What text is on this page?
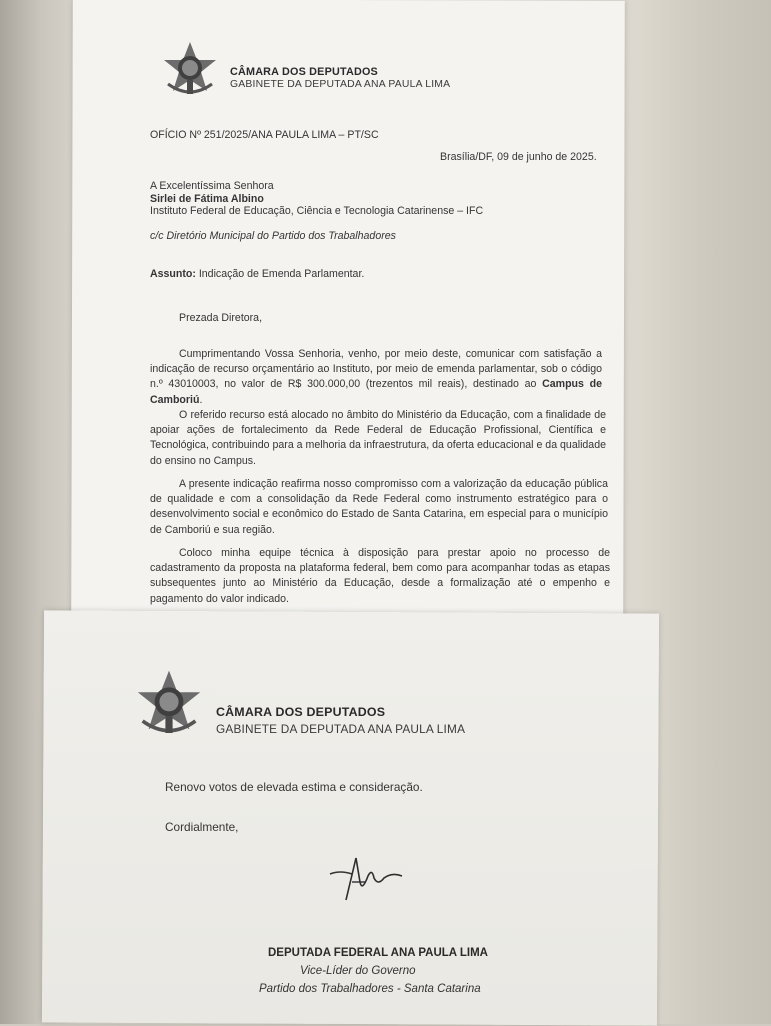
CÂMARA DOS DEPUTADOS
GABINETE DA DEPUTADA ANA PAULA LIMA
OFÍCIO Nº 251/2025/ANA PAULA LIMA – PT/SC
Brasília/DF, 09 de junho de 2025.
A Excelentíssima Senhora
Sirlei de Fátima Albino
Instituto Federal de Educação, Ciência e Tecnologia Catarinense – IFC
c/c Diretório Municipal do Partido dos Trabalhadores
Assunto: Indicação de Emenda Parlamentar.
Prezada Diretora,
Cumprimentando Vossa Senhoria, venho, por meio deste, comunicar com satisfação a indicação de recurso orçamentário ao Instituto, por meio de emenda parlamentar, sob o código n.º 43010003, no valor de R$ 300.000,00 (trezentos mil reais), destinado ao Campus de Camboriú.
O referido recurso está alocado no âmbito do Ministério da Educação, com a finalidade de apoiar ações de fortalecimento da Rede Federal de Educação Profissional, Científica e Tecnológica, contribuindo para a melhoria da infraestrutura, da oferta educacional e da qualidade do ensino no Campus.
A presente indicação reafirma nosso compromisso com a valorização da educação pública de qualidade e com a consolidação da Rede Federal como instrumento estratégico para o desenvolvimento social e econômico do Estado de Santa Catarina, em especial para o município de Camboriú e sua região.
Coloco minha equipe técnica à disposição para prestar apoio no processo de cadastramento da proposta na plataforma federal, bem como para acompanhar todas as etapas subsequentes junto ao Ministério da Educação, desde a formalização até o empenho e pagamento do valor indicado.
CÂMARA DOS DEPUTADOS
GABINETE DA DEPUTADA ANA PAULA LIMA
Renovo votos de elevada estima e consideração.
Cordialmente,
DEPUTADA FEDERAL ANA PAULA LIMA
Vice-Líder do Governo
Partido dos Trabalhadores - Santa Catarina
